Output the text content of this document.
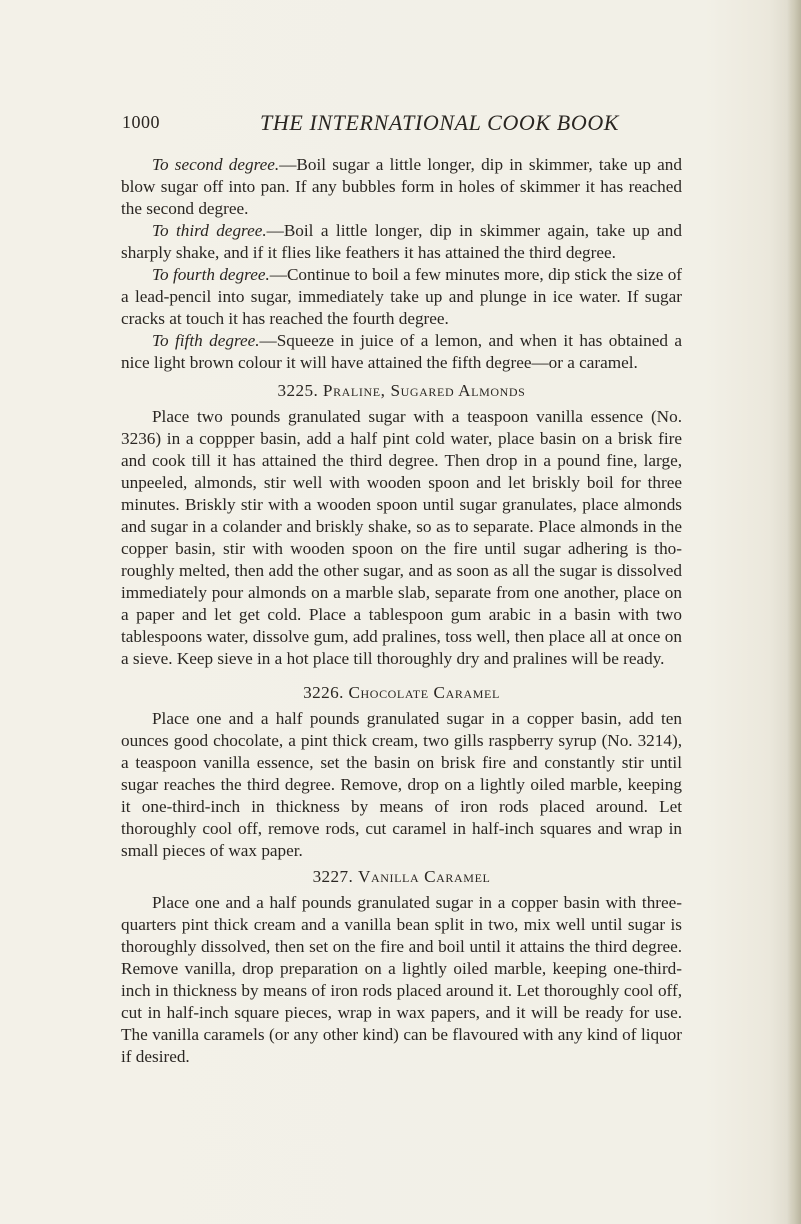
1000	THE INTERNATIONAL COOK BOOK

To second degree.—Boil sugar a little longer, dip in skimmer, take up and blow sugar off into pan. If any bubbles form in holes of skimmer it has reached the second degree.

To third degree.—Boil a little longer, dip in skimmer again, take up and sharply shake, and if it flies like feathers it has attained the third degree.

To fourth degree.—Continue to boil a few minutes more, dip stick the size of a lead-pencil into sugar, immediately take up and plunge in ice water. If sugar cracks at touch it has reached the fourth degree.

To fifth degree.—Squeeze in juice of a lemon, and when it has obtained a nice light brown colour it will have attained the fifth degree—or a caramel.

3225. Praline, Sugared Almonds

Place two pounds granulated sugar with a teaspoon vanilla essence (No. 3236) in a coppper basin, add a half pint cold water, place basin on a brisk fire and cook till it has attained the third degree. Then drop in a pound fine, large, unpeeled, almonds, stir well with wooden spoon and let briskly boil for three minutes. Briskly stir with a wooden spoon until sugar granulates, place almonds and sugar in a colander and briskly shake, so as to separate. Place almonds in the copper basin, stir with wooden spoon on the fire until sugar adhering is tho-roughly melted, then add the other sugar, and as soon as all the sugar is dissolved immediately pour almonds on a marble slab, separate from one another, place on a paper and let get cold. Place a tablespoon gum arabic in a basin with two tablespoons water, dissolve gum, add pralines, toss well, then place all at once on a sieve. Keep sieve in a hot place till thoroughly dry and pralines will be ready.

3226. Chocolate Caramel

Place one and a half pounds granulated sugar in a copper basin, add ten ounces good chocolate, a pint thick cream, two gills raspberry syrup (No. 3214), a teaspoon vanilla essence, set the basin on brisk fire and constantly stir until sugar reaches the third degree. Remove, drop on a lightly oiled marble, keeping it one-third-inch in thickness by means of iron rods placed around. Let thoroughly cool off, remove rods, cut caramel in half-inch squares and wrap in small pieces of wax paper.

3227. Vanilla Caramel

Place one and a half pounds granulated sugar in a copper basin with three-quarters pint thick cream and a vanilla bean split in two, mix well until sugar is thoroughly dissolved, then set on the fire and boil until it attains the third degree. Remove vanilla, drop preparation on a lightly oiled marble, keeping one-third-inch in thickness by means of iron rods placed around it. Let thoroughly cool off, cut in half-inch square pieces, wrap in wax papers, and it will be ready for use. The vanilla caramels (or any other kind) can be flavoured with any kind of liquor if desired.
